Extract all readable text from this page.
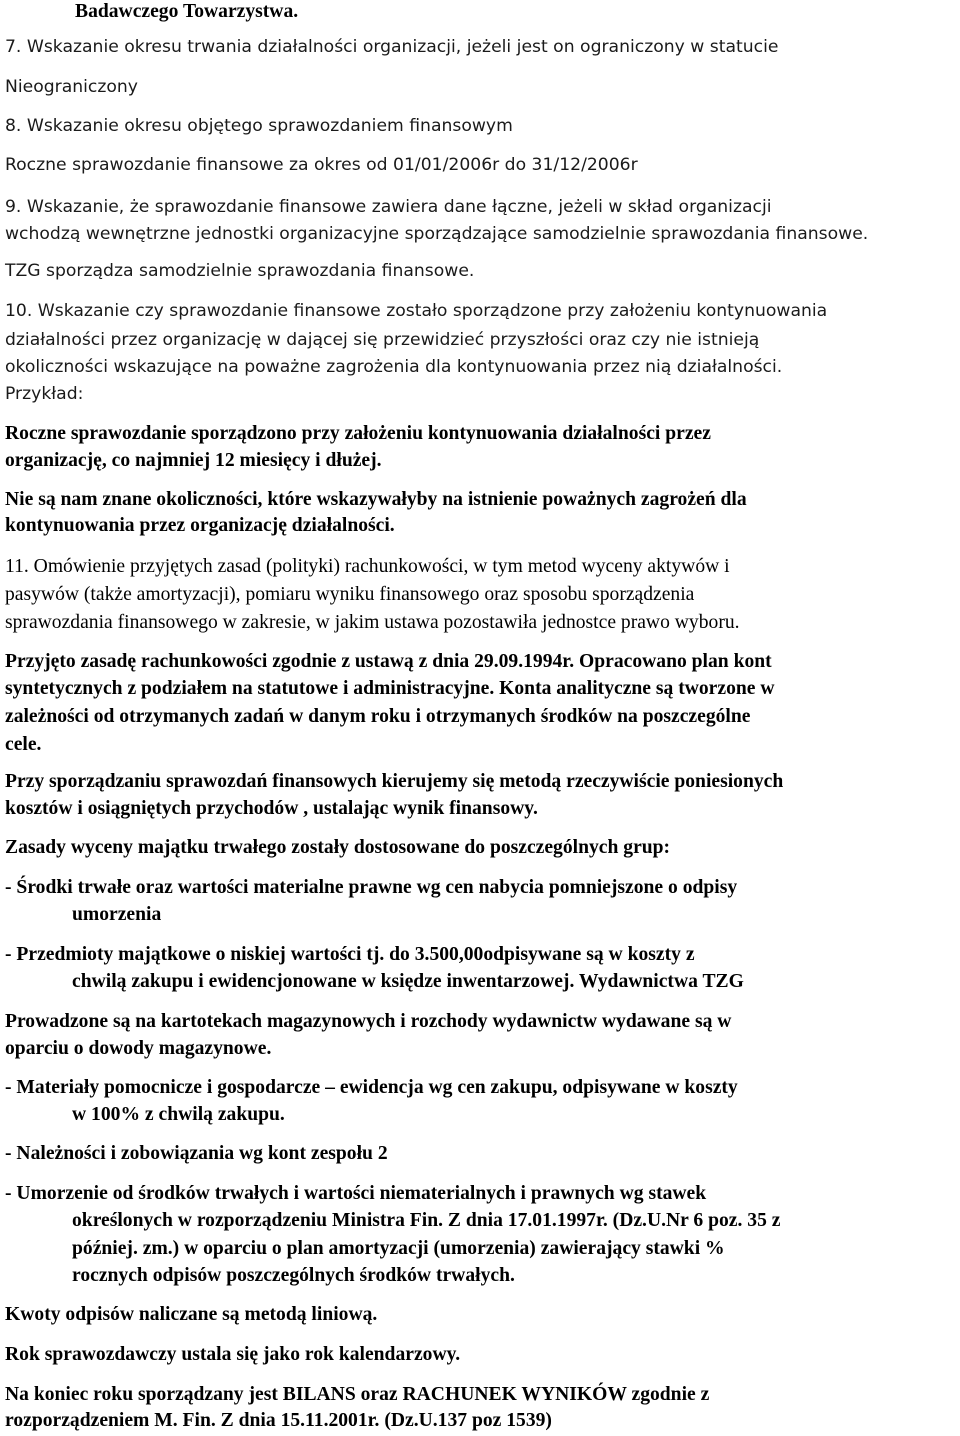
Badawczego Towarzystwa.
7. Wskazanie okresu trwania działalności organizacji, jeżeli jest on ograniczony w statucie
Nieograniczony
8. Wskazanie okresu objętego sprawozdaniem finansowym
Roczne sprawozdanie finansowe za okres od 01/01/2006r do 31/12/2006r
9. Wskazanie, że sprawozdanie finansowe zawiera dane łączne, jeżeli w skład organizacji
wchodzą wewnętrzne jednostki organizacyjne sporządzające samodzielnie sprawozdania finansowe.
TZG sporządza samodzielnie sprawozdania finansowe.
10. Wskazanie czy sprawozdanie finansowe zostało sporządzone przy założeniu kontynuowania
działalności przez organizację w dającej się przewidzieć przyszłości oraz czy nie istnieją
okoliczności wskazujące na poważne zagrożenia dla kontynuowania przez nią działalności.
Przykład:
Roczne sprawozdanie sporządzono przy założeniu kontynuowania działalności przez
organizację, co najmniej 12 miesięcy i dłużej.
Nie są nam znane okoliczności, które wskazywałyby na istnienie poważnych zagrożeń dla
kontynuowania przez organizację działalności.
11. Omówienie przyjętych zasad (polityki) rachunkowości, w tym metod wyceny aktywów i
pasywów (także amortyzacji), pomiaru wyniku finansowego oraz sposobu sporządzenia
sprawozdania finansowego w zakresie, w jakim ustawa pozostawiła jednostce prawo wyboru.
Przyjęto zasadę rachunkowości zgodnie z ustawą z dnia 29.09.1994r. Opracowano plan kont
syntetycznych z podziałem na statutowe i administracyjne. Konta analityczne są tworzone w
zależności od otrzymanych zadań w danym roku i otrzymanych środków na poszczególne
cele.
Przy sporządzaniu sprawozdań finansowych kierujemy się metodą rzeczywiście poniesionych
kosztów i osiągniętych przychodów , ustalając wynik finansowy.
Zasady wyceny majątku trwałego zostały dostosowane do poszczególnych grup:
- Środki trwałe oraz wartości materialne prawne wg cen nabycia pomniejszone o odpisy
umorzenia
- Przedmioty majątkowe o niskiej wartości tj. do 3.500,00odpisywane są w koszty z
chwilą zakupu i ewidencjonowane w księdze inwentarzowej. Wydawnictwa TZG
Prowadzone są na kartotekach magazynowych i rozchody wydawnictw wydawane są w
oparciu o dowody magazynowe.
- Materiały pomocnicze i gospodarcze – ewidencja wg cen zakupu, odpisywane w koszty
w 100% z chwilą zakupu.
- Należności i zobowiązania wg kont zespołu 2
- Umorzenie od środków trwałych i wartości niematerialnych i prawnych wg stawek
określonych w rozporządzeniu Ministra Fin. Z dnia 17.01.1997r. (Dz.U.Nr 6 poz. 35 z
później. zm.) w oparciu o plan amortyzacji (umorzenia) zawierający stawki %
rocznych odpisów poszczególnych środków trwałych.
Kwoty odpisów naliczane są metodą liniową.
Rok sprawozdawczy ustala się jako rok kalendarzowy.
Na koniec roku sporządzany jest BILANS oraz RACHUNEK WYNIKÓW zgodnie z
rozporządzeniem M. Fin. Z dnia 15.11.2001r. (Dz.U.137 poz 1539)
